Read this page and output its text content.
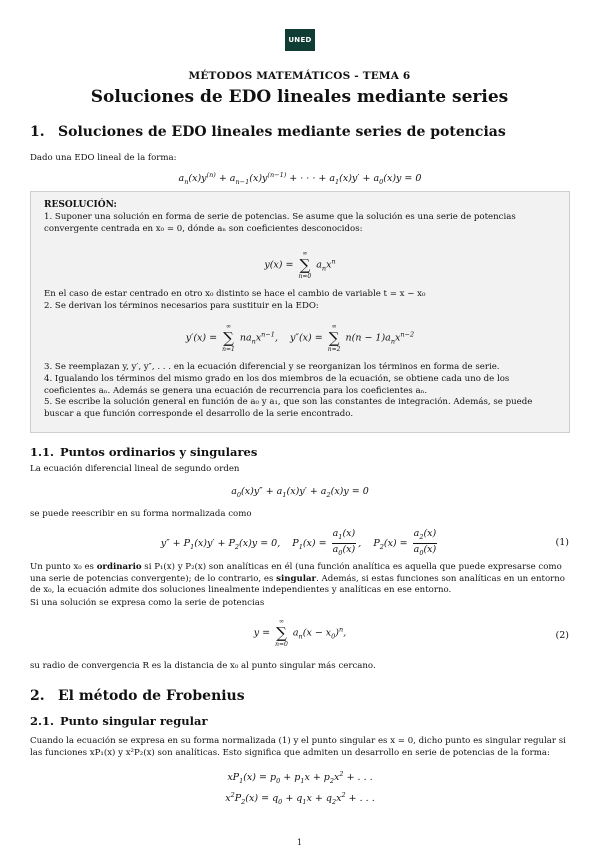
UNED
MÉTODOS MATEMÁTICOS - TEMA 6
Soluciones de EDO lineales mediante series
1. Soluciones de EDO lineales mediante series de potencias
Dado una EDO lineal de la forma:
$a_n(x)y^{(n)} + a_{n-1}(x)y^{(n-1)}$ + · · · + $a_1(x)y' + a_0(x)y = 0$
RESOLUCIÓN:
1. Suponer una solución en forma de serie de potencias. Se asume que la solución es una serie de potencias convergente centrada en x₀ = 0, dónde aₙ son coeficientes desconocidos:
y(x) =
∞
∑
n=0
$a_nx^n$
En el caso de estar centrado en otro x₀ distinto se hace el cambio de variable t = x − x₀
2. Se derivan los términos necesarios para sustituir en la EDO:
y′(x) =
∞
∑
n=1
$na_nx^{n-1}$,    y″(x) =
∞
∑
n=2
$n(n - 1)a_nx^{n-2}$
3. Se reemplazan y, y′, y″, . . . en la ecuación diferencial y se reorganizan los términos en forma de serie.
4. Igualando los términos del mismo grado en los dos miembros de la ecuación, se obtiene cada uno de los coeficientes aₙ. Además se genera una ecuación de recurrencia para los coeficientes aₙ.
5. Se escribe la solución general en función de a₀ y a₁, que son las constantes de integración. Además, se puede buscar a que función corresponde el desarrollo de la serie encontrado.
1.1. Puntos ordinarios y singulares
La ecuación diferencial lineal de segundo orden
$a_0(x)y'' + a_1(x)y' + a_2(x)y = 0$
se puede reescribir en su forma normalizada como
$y'' + P_1(x)y' + P_2(x)y = 0$,    $P_1(x) = \frac{a_1(x)}{a_0(x)}$ ,    $P_2(x) = \frac{a_2(x)}{a_0(x)}$	(1)
Un punto x₀ es ordinario si P₁(x) y P₂(x) son analíticas en él (una función analítica es aquella que puede expresarse como una serie de potencias convergente); de lo contrario, es singular. Además, si estas funciones son analíticas en un entorno de x₀, la ecuación admite dos soluciones linealmente independientes y analíticas en ese entorno.
Si una solución se expresa como la serie de potencias
y =
∞
∑
n=0
$a_n(x - x_0)^n$,	(2)
su radio de convergencia R es la distancia de x₀ al punto singular más cercano.
2. El método de Frobenius
2.1. Punto singular regular
Cuando la ecuación se expresa en su forma normalizada (1) y el punto singular es x = 0, dicho punto es singular regular si las funciones xP₁(x) y x²P₂(x) son analíticas. Esto significa que admiten un desarrollo en serie de potencias de la forma:
$xP_1(x) = p_0 + p_1x + p_2x^2$ + . . .
$x^2P_2(x) = q_0 + q_1x + q_2x^2$ + . . .
1
